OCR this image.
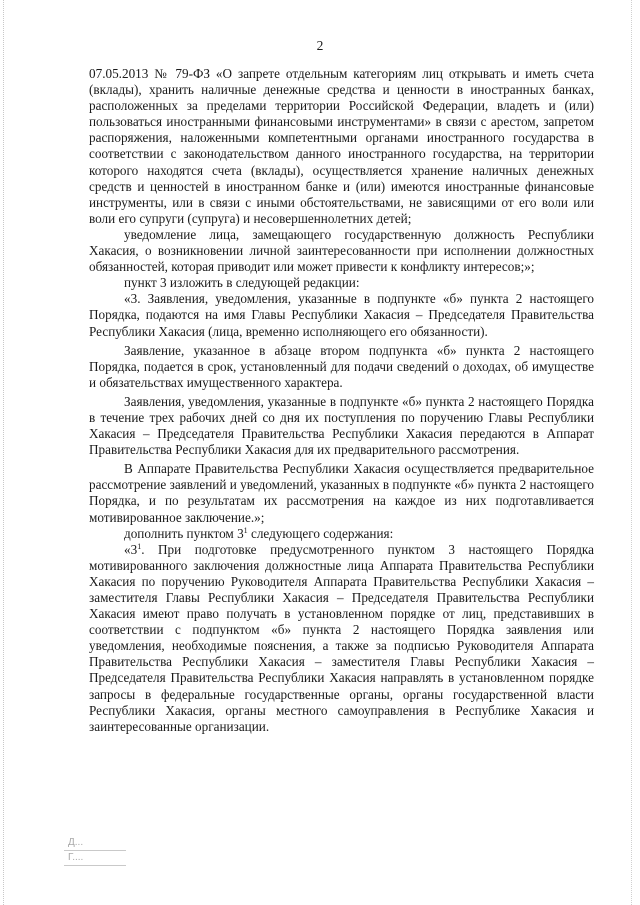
2

07.05.2013 № 79-ФЗ «О запрете отдельным категориям лиц открывать и иметь счета (вклады), хранить наличные денежные средства и ценности в иностранных банках, расположенных за пределами территории Российской Федерации, владеть и (или) пользоваться иностранными финансовыми инструментами» в связи с арестом, запретом распоряжения, наложенными компетентными органами иностранного государства в соответствии с законодательством данного иностранного государства, на территории которого находятся счета (вклады), осуществляется хранение наличных денежных средств и ценностей в иностранном банке и (или) имеются иностранные финансовые инструменты, или в связи с иными обстоятельствами, не зависящими от его воли или воли его супруги (супруга) и несовершеннолетних детей;

уведомление лица, замещающего государственную должность Республики Хакасия, о возникновении личной заинтересованности при исполнении должностных обязанностей, которая приводит или может привести к конфликту интересов;»;

пункт 3 изложить в следующей редакции:

«3. Заявления, уведомления, указанные в подпункте «б» пункта 2 настоящего Порядка, подаются на имя Главы Республики Хакасия – Председателя Правительства Республики Хакасия (лица, временно исполняющего его обязанности).

Заявление, указанное в абзаце втором подпункта «б» пункта 2 настоящего Порядка, подается в срок, установленный для подачи сведений о доходах, об имуществе и обязательствах имущественного характера.

Заявления, уведомления, указанные в подпункте «б» пункта 2 настоящего Порядка в течение трех рабочих дней со дня их поступления по поручению Главы Республики Хакасия – Председателя Правительства Республики Хакасия передаются в Аппарат Правительства Республики Хакасия для их предварительного рассмотрения.

В Аппарате Правительства Республики Хакасия осуществляется предварительное рассмотрение заявлений и уведомлений, указанных в подпункте «б» пункта 2 настоящего Порядка, и по результатам их рассмотрения на каждое из них подготавливается мотивированное заключение.»;

дополнить пунктом $3^1$ следующего содержания:

«$3^1$. При подготовке предусмотренного пунктом 3 настоящего Порядка мотивированного заключения должностные лица Аппарата Правительства Республики Хакасия по поручению Руководителя Аппарата Правительства Республики Хакасия – заместителя Главы Республики Хакасия – Председателя Правительства Республики Хакасия имеют право получать в установленном порядке от лиц, представивших в соответствии с подпунктом «б» пункта 2 настоящего Порядка заявления или уведомления, необходимые пояснения, а также за подписью Руководителя Аппарата Правительства Республики Хакасия – заместителя Главы Республики Хакасия – Председателя Правительства Республики Хакасия направлять в установленном порядке запросы в федеральные государственные органы, органы государственной власти Республики Хакасия, органы местного самоуправления в Республике Хакасия и заинтересованные организации.

Д...
Г....
